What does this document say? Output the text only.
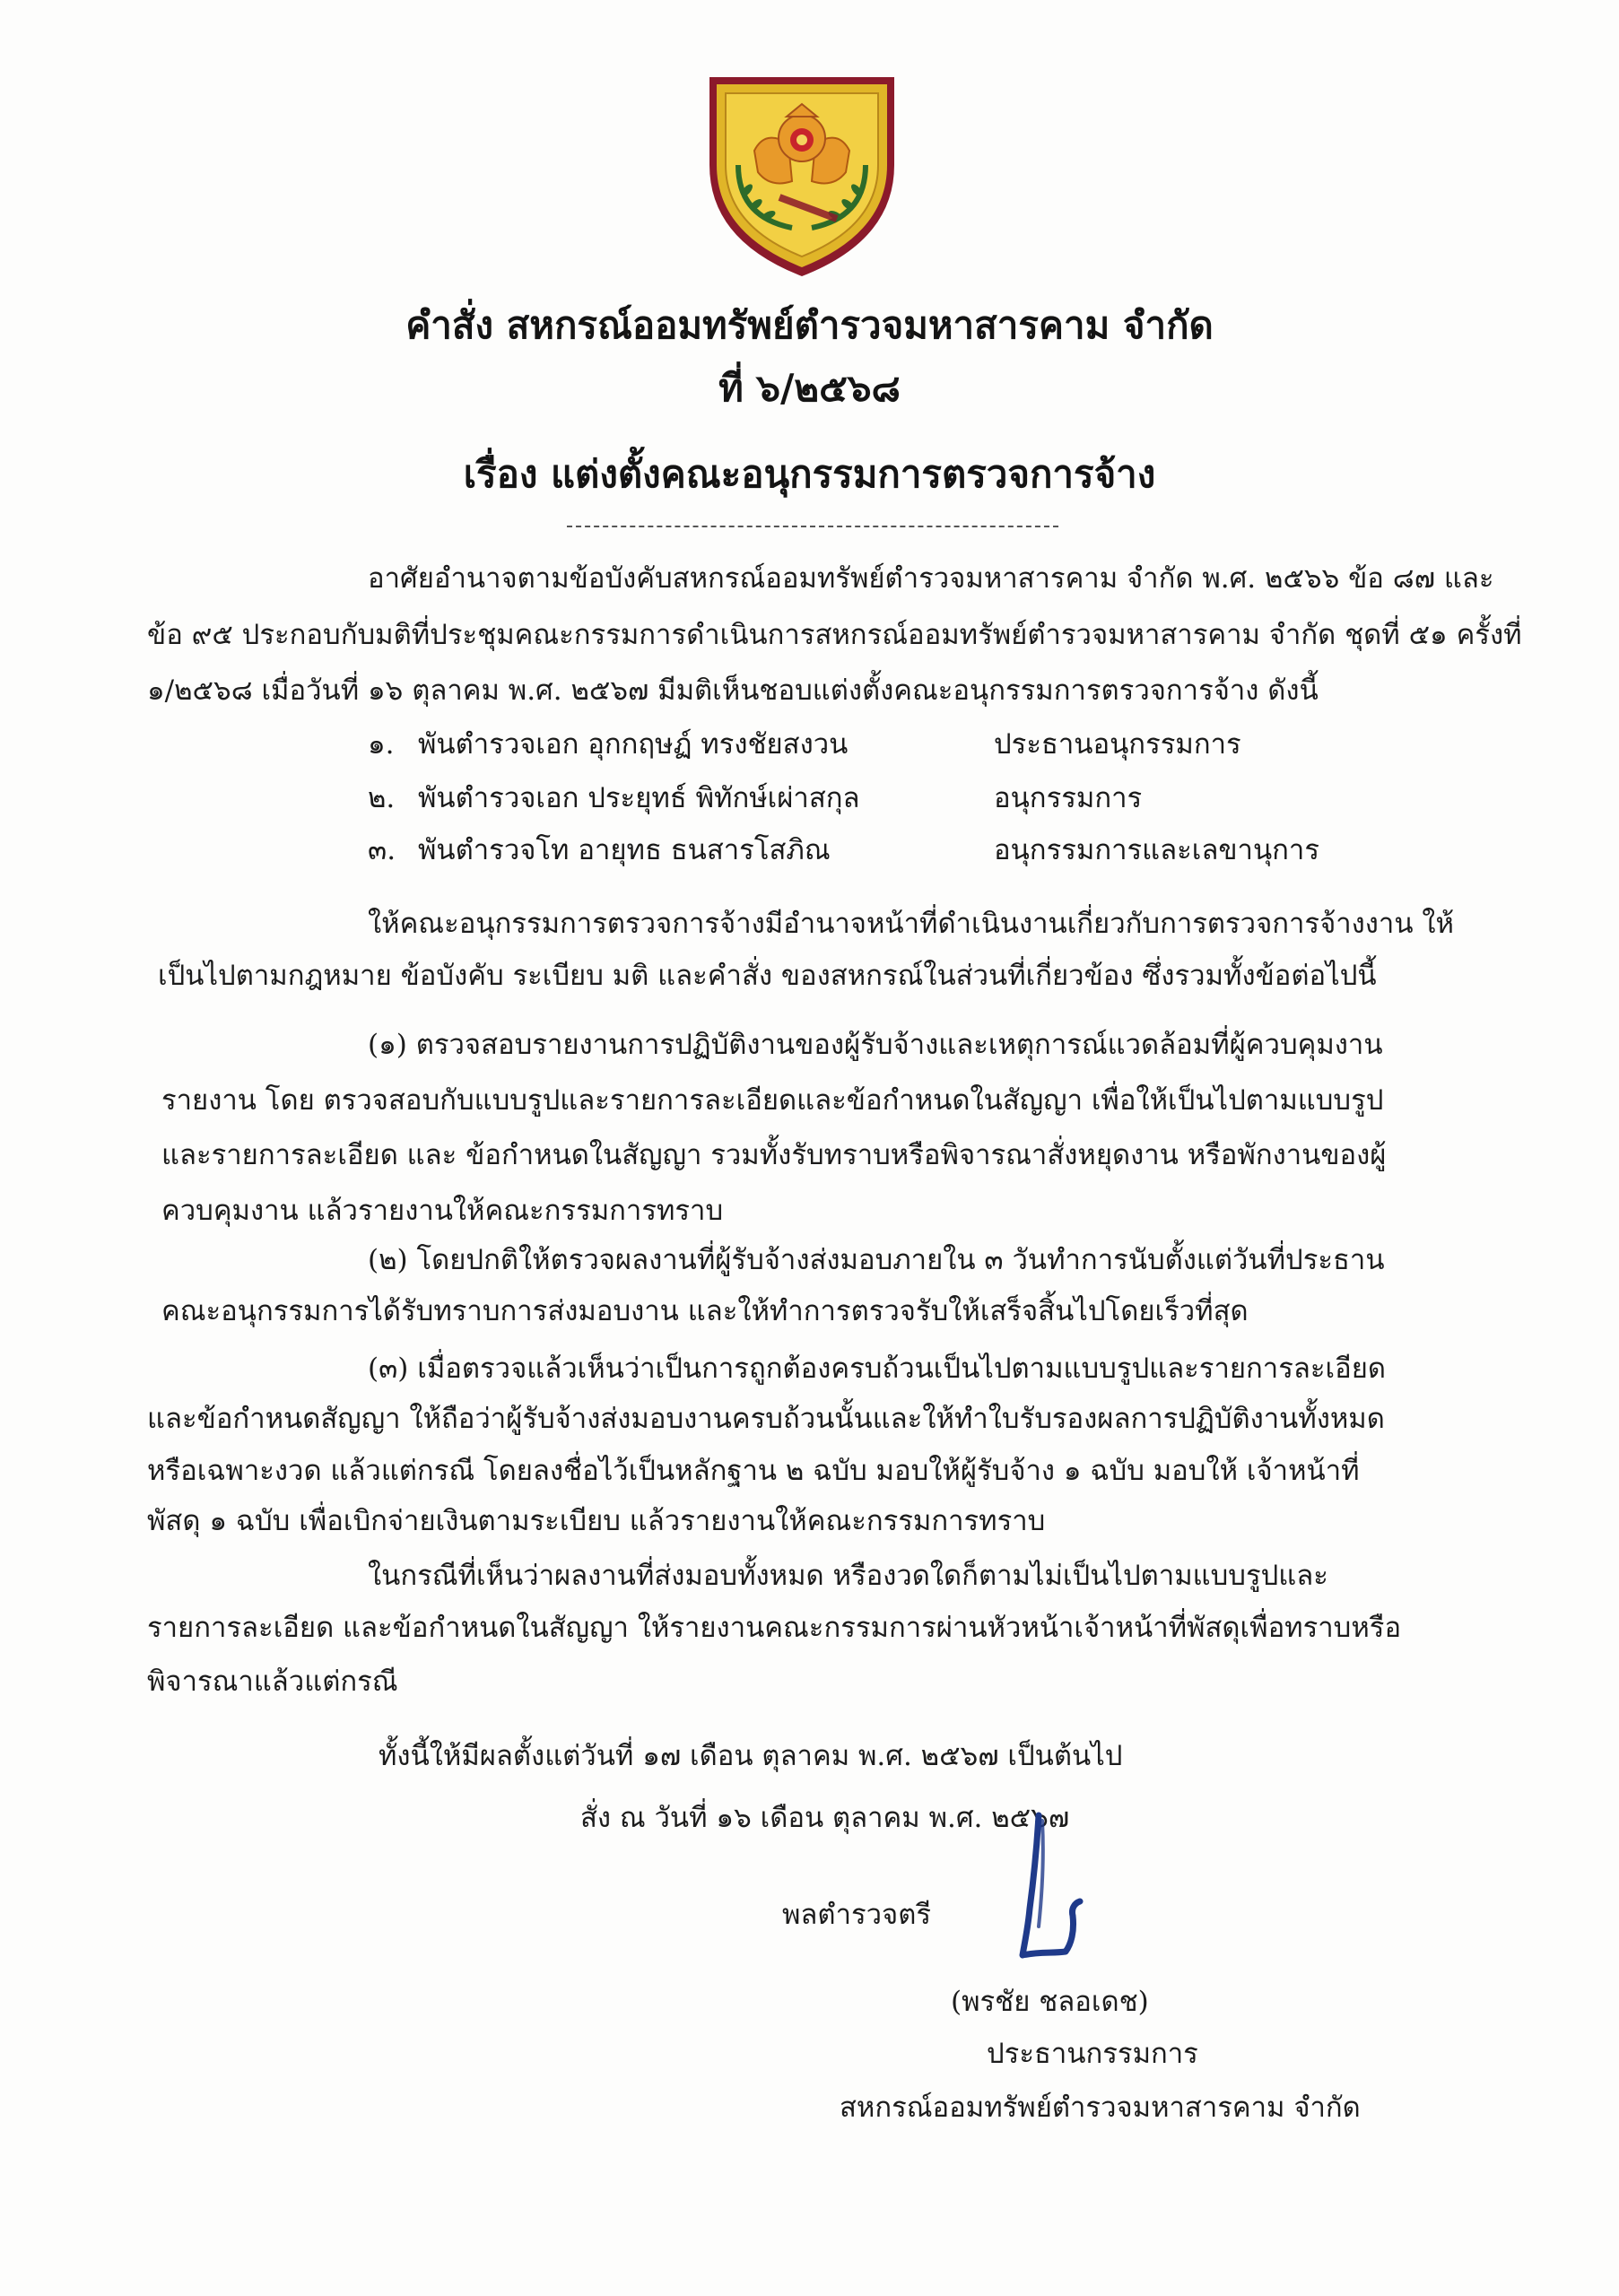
คำสั่ง สหกรณ์ออมทรัพย์ตำรวจมหาสารคาม จำกัด
ที่ ๖/๒๕๖๘
เรื่อง แต่งตั้งคณะอนุกรรมการตรวจการจ้าง
อาศัยอำนาจตามข้อบังคับสหกรณ์ออมทรัพย์ตำรวจมหาสารคาม จำกัด พ.ศ. ๒๕๖๖ ข้อ ๘๗ และ
ข้อ ๙๕ ประกอบกับมติที่ประชุมคณะกรรมการดำเนินการสหกรณ์ออมทรัพย์ตำรวจมหาสารคาม จำกัด ชุดที่ ๕๑ ครั้งที่
๑/๒๕๖๘ เมื่อวันที่ ๑๖ ตุลาคม พ.ศ. ๒๕๖๗ มีมติเห็นชอบแต่งตั้งคณะอนุกรรมการตรวจการจ้าง ดังนี้
๑. พันตำรวจเอก อุกกฤษฏ์ ทรงชัยสงวน	ประธานอนุกรรมการ
๒. พันตำรวจเอก ประยุทธ์ พิทักษ์เผ่าสกุล	อนุกรรมการ
๓. พันตำรวจโท อายุทธ ธนสารโสภิณ	อนุกรรมการและเลขานุการ
ให้คณะอนุกรรมการตรวจการจ้างมีอำนาจหน้าที่ดำเนินงานเกี่ยวกับการตรวจการจ้างงาน ให้
เป็นไปตามกฎหมาย ข้อบังคับ ระเบียบ มติ และคำสั่ง ของสหกรณ์ในส่วนที่เกี่ยวข้อง ซึ่งรวมทั้งข้อต่อไปนี้
(๑) ตรวจสอบรายงานการปฏิบัติงานของผู้รับจ้างและเหตุการณ์แวดล้อมที่ผู้ควบคุมงาน
รายงาน โดย ตรวจสอบกับแบบรูปและรายการละเอียดและข้อกำหนดในสัญญา เพื่อให้เป็นไปตามแบบรูป
และรายการละเอียด และ ข้อกำหนดในสัญญา รวมทั้งรับทราบหรือพิจารณาสั่งหยุดงาน หรือพักงานของผู้
ควบคุมงาน แล้วรายงานให้คณะกรรมการทราบ
(๒) โดยปกติให้ตรวจผลงานที่ผู้รับจ้างส่งมอบภายใน ๓ วันทำการนับตั้งแต่วันที่ประธาน
คณะอนุกรรมการได้รับทราบการส่งมอบงาน และให้ทำการตรวจรับให้เสร็จสิ้นไปโดยเร็วที่สุด
(๓) เมื่อตรวจแล้วเห็นว่าเป็นการถูกต้องครบถ้วนเป็นไปตามแบบรูปและรายการละเอียด
และข้อกำหนดสัญญา ให้ถือว่าผู้รับจ้างส่งมอบงานครบถ้วนนั้นและให้ทำใบรับรองผลการปฏิบัติงานทั้งหมด
หรือเฉพาะงวด แล้วแต่กรณี โดยลงชื่อไว้เป็นหลักฐาน ๒ ฉบับ มอบให้ผู้รับจ้าง ๑ ฉบับ มอบให้ เจ้าหน้าที่
พัสดุ ๑ ฉบับ เพื่อเบิกจ่ายเงินตามระเบียบ แล้วรายงานให้คณะกรรมการทราบ
ในกรณีที่เห็นว่าผลงานที่ส่งมอบทั้งหมด หรืองวดใดก็ตามไม่เป็นไปตามแบบรูปและ
รายการละเอียด และข้อกำหนดในสัญญา ให้รายงานคณะกรรมการผ่านหัวหน้าเจ้าหน้าที่พัสดุเพื่อทราบหรือ
พิจารณาแล้วแต่กรณี
ทั้งนี้ให้มีผลตั้งแต่วันที่ ๑๗ เดือน ตุลาคม พ.ศ. ๒๕๖๗ เป็นต้นไป
สั่ง ณ วันที่ ๑๖ เดือน ตุลาคม พ.ศ. ๒๕๖๗
พลตำรวจตรี
(พรชัย ชลอเดช)
ประธานกรรมการ
สหกรณ์ออมทรัพย์ตำรวจมหาสารคาม จำกัด
